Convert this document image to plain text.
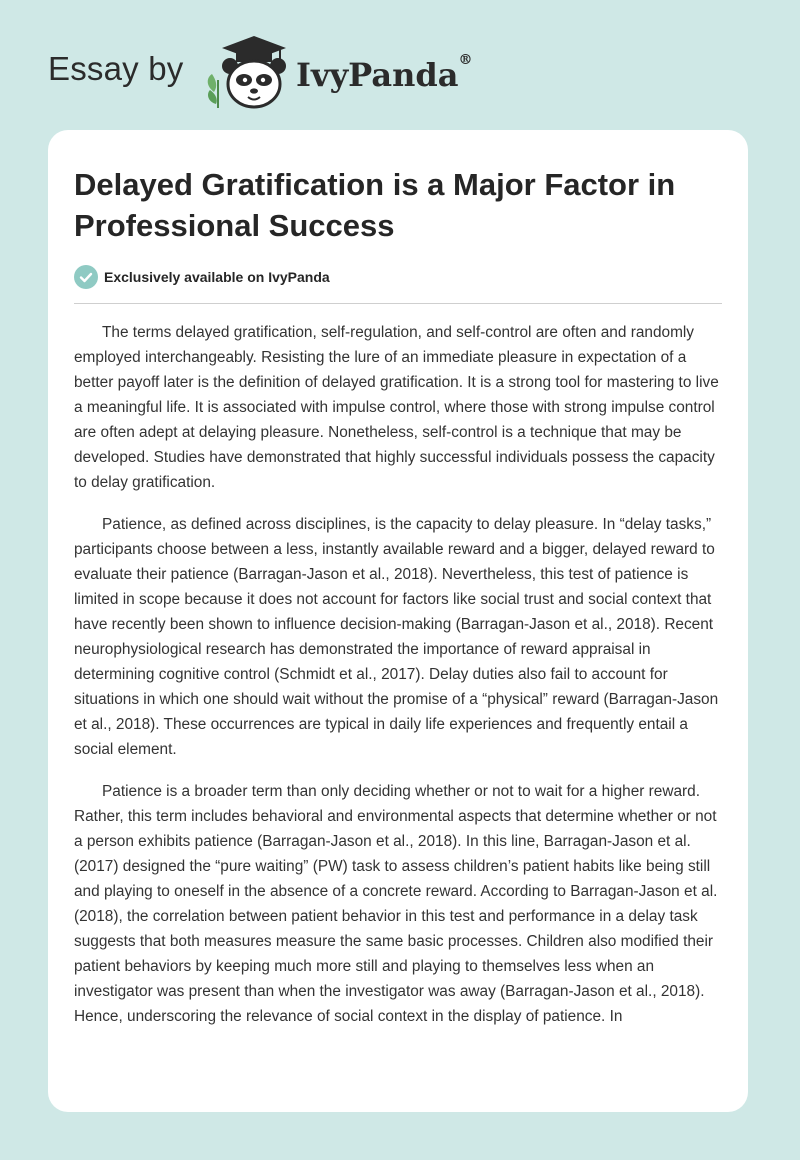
Essay by	IvyPanda®
Delayed Gratification is a Major Factor in Professional Success
Exclusively available on IvyPanda

The terms delayed gratification, self-regulation, and self-control are often and randomly employed interchangeably. Resisting the lure of an immediate pleasure in expectation of a better payoff later is the definition of delayed gratification. It is a strong tool for mastering to live a meaningful life. It is associated with impulse control, where those with strong impulse control are often adept at delaying pleasure. Nonetheless, self-control is a technique that may be developed. Studies have demonstrated that highly successful individuals possess the capacity to delay gratification.

Patience, as defined across disciplines, is the capacity to delay pleasure. In “delay tasks,” participants choose between a less, instantly available reward and a bigger, delayed reward to evaluate their patience (Barragan-Jason et al., 2018). Nevertheless, this test of patience is limited in scope because it does not account for factors like social trust and social context that have recently been shown to influence decision-making (Barragan-Jason et al., 2018). Recent neurophysiological research has demonstrated the importance of reward appraisal in determining cognitive control (Schmidt et al., 2017). Delay duties also fail to account for situations in which one should wait without the promise of a “physical” reward (Barragan-Jason et al., 2018). These occurrences are typical in daily life experiences and frequently entail a social element.

Patience is a broader term than only deciding whether or not to wait for a higher reward. Rather, this term includes behavioral and environmental aspects that determine whether or not a person exhibits patience (Barragan-Jason et al., 2018). In this line, Barragan-Jason et al. (2017) designed the “pure waiting” (PW) task to assess children’s patient habits like being still and playing to oneself in the absence of a concrete reward. According to Barragan-Jason et al. (2018), the correlation between patient behavior in this test and performance in a delay task suggests that both measures measure the same basic processes. Children also modified their patient behaviors by keeping much more still and playing to themselves less when an investigator was present than when the investigator was away (Barragan-Jason et al., 2018). Hence, underscoring the relevance of social context in the display of patience. In
